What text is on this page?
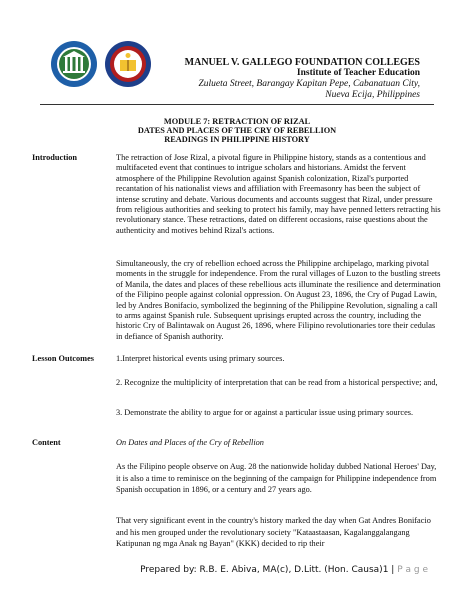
MANUEL V. GALLEGO FOUNDATION COLLEGES
Institute of Teacher Education
Zulueta Street, Barangay Kapitan Pepe, Cabanatuan City,
Nueva Ecija, Philippines
MODULE 7: RETRACTION OF RIZAL
DATES AND PLACES OF THE CRY OF REBELLION
READINGS IN PHILIPPINE HISTORY
Introduction	The retraction of Jose Rizal, a pivotal figure in Philippine history, stands as a contentious and multifaceted event that continues to intrigue scholars and historians. Amidst the fervent atmosphere of the Philippine Revolution against Spanish colonization, Rizal's purported recantation of his nationalist views and affiliation with Freemasonry has been the subject of intense scrutiny and debate. Various documents and accounts suggest that Rizal, under pressure from religious authorities and seeking to protect his family, may have penned letters retracting his revolutionary stance. These retractions, dated on different occasions, raise questions about the authenticity and motives behind Rizal's actions.
Simultaneously, the cry of rebellion echoed across the Philippine archipelago, marking pivotal moments in the struggle for independence. From the rural villages of Luzon to the bustling streets of Manila, the dates and places of these rebellious acts illuminate the resilience and determination of the Filipino people against colonial oppression. On August 23, 1896, the Cry of Pugad Lawin, led by Andres Bonifacio, symbolized the beginning of the Philippine Revolution, signaling a call to arms against Spanish rule. Subsequent uprisings erupted across the country, including the historic Cry of Balintawak on August 26, 1896, where Filipino revolutionaries tore their cedulas in defiance of Spanish authority.
Lesson Outcomes	1.Interpret historical events using primary sources.
2. Recognize the multiplicity of interpretation that can be read from a historical perspective; and,
3. Demonstrate the ability to argue for or against a particular issue using primary sources.
Content	On Dates and Places of the Cry of Rebellion
As the Filipino people observe on Aug. 28 the nationwide holiday dubbed National Heroes' Day, it is also a time to reminisce on the beginning of the campaign for Philippine independence from Spanish occupation in 1896, or a century and 27 years ago.
That very significant event in the country's history marked the day when Gat Andres Bonifacio and his men grouped under the revolutionary society "Kataastaasan, Kagalanggalangang Katipunan ng mga Anak ng Bayan" (KKK) decided to rip their
Prepared by: R.B. E. Abiva, MA(c), D.Litt. (Hon. Causa)1 | P a g e
